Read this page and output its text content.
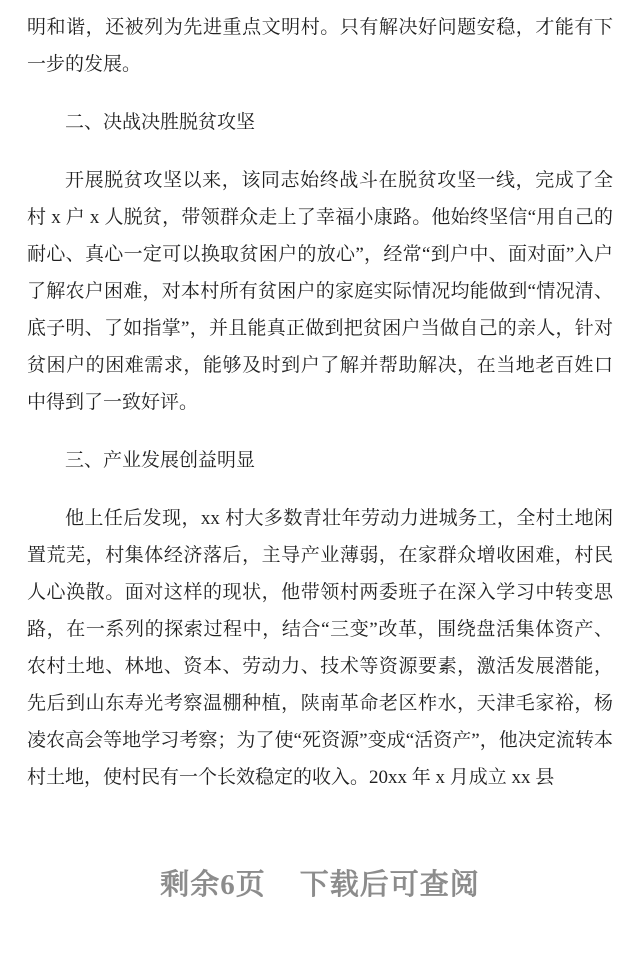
明和谐，还被列为先进重点文明村。只有解决好问题安稳，才能有下一步的发展。

二、决战决胜脱贫攻坚

开展脱贫攻坚以来，该同志始终战斗在脱贫攻坚一线，完成了全村 x 户 x 人脱贫，带领群众走上了幸福小康路。他始终坚信“用自己的耐心、真心一定可以换取贫困户的放心”，经常“到户中、面对面”入户了解农户困难，对本村所有贫困户的家庭实际情况均能做到“情况清、底子明、了如指掌”，并且能真正做到把贫困户当做自己的亲人，针对贫困户的困难需求，能够及时到户了解并帮助解决，在当地老百姓口中得到了一致好评。

三、产业发展创益明显

他上任后发现，xx 村大多数青壮年劳动力进城务工，全村土地闲置荒芜，村集体经济落后，主导产业薄弱，在家群众增收困难，村民人心涣散。面对这样的现状，他带领村两委班子在深入学习中转变思路，在一系列的探索过程中，结合“三变”改革，围绕盘活集体资产、农村土地、林地、资本、劳动力、技术等资源要素，激活发展潜能，先后到山东寿光考察温棚种植，陕南革命老区柞水，天津毛家裕，杨凌农高会等地学习考察；为了使“死资源”变成“活资产”，他决定流转本村土地，使村民有一个长效稳定的收入。20xx 年 x 月成立 xx 县

剩余6页 下载后可查阅
